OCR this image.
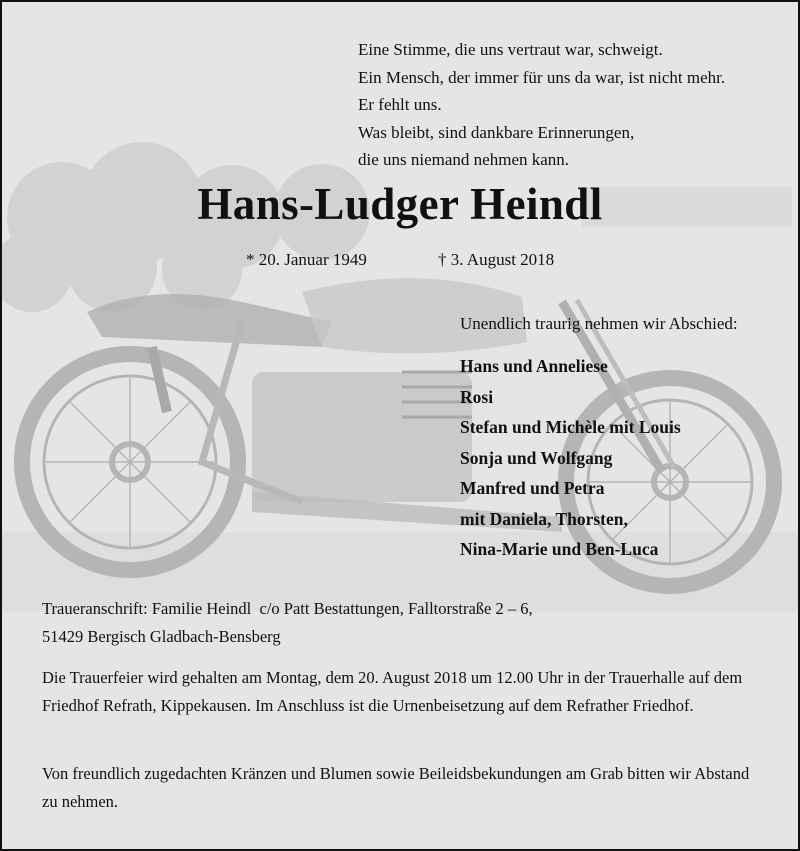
Eine Stimme, die uns vertraut war, schweigt.
Ein Mensch, der immer für uns da war, ist nicht mehr.
Er fehlt uns.
Was bleibt, sind dankbare Erinnerungen,
die uns niemand nehmen kann.
Hans-Ludger Heindl
* 20. Januar 1949	† 3. August 2018
Unendlich traurig nehmen wir Abschied:
Hans und Anneliese
Rosi
Stefan und Michèle mit Louis
Sonja und Wolfgang
Manfred und Petra
mit Daniela, Thorsten,
Nina-Marie und Ben-Luca
Traueranschrift: Familie Heindl  c/o Patt Bestattungen, Falltorstraße 2 – 6,
51429 Bergisch Gladbach-Bensberg
Die Trauerfeier wird gehalten am Montag, dem 20. August 2018 um 12.00 Uhr in der Trauerhalle auf dem Friedhof Refrath, Kippekausen. Im Anschluss ist die Urnenbeisetzung auf dem Refrather Friedhof.
Von freundlich zugedachten Kränzen und Blumen sowie Beileidsbekundungen am Grab bitten wir Abstand zu nehmen.
